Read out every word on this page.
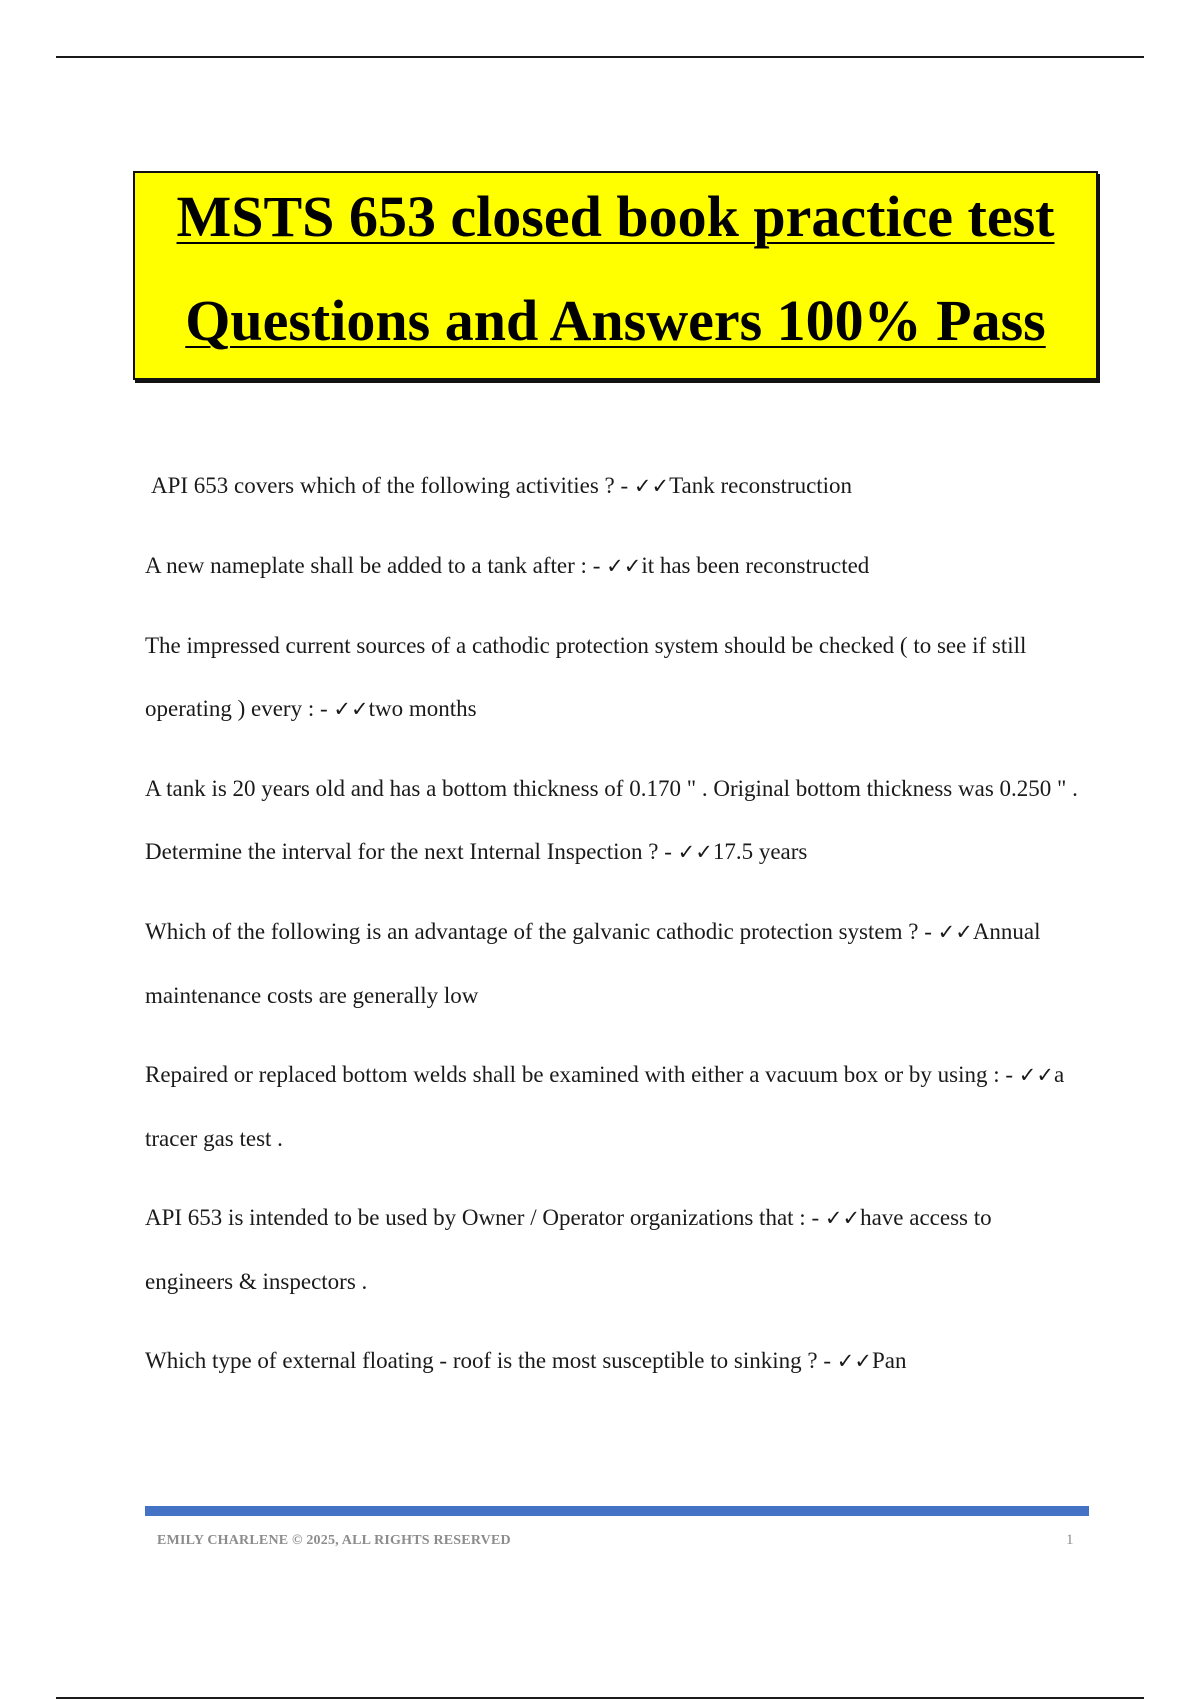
MSTS 653 closed book practice test
Questions and Answers 100% Pass
API 653 covers which of the following activities ? - ✓✓Tank reconstruction
A new nameplate shall be added to a tank after : - ✓✓it has been reconstructed
The impressed current sources of a cathodic protection system should be checked ( to see if still operating ) every : - ✓✓two months
A tank is 20 years old and has a bottom thickness of 0.170 " . Original bottom thickness was 0.250 " . Determine the interval for the next Internal Inspection ? - ✓✓17.5 years
Which of the following is an advantage of the galvanic cathodic protection system ? - ✓✓Annual maintenance costs are generally low
Repaired or replaced bottom welds shall be examined with either a vacuum box or by using : - ✓✓a tracer gas test .
API 653 is intended to be used by Owner / Operator organizations that : - ✓✓have access to engineers & inspectors .
Which type of external floating - roof is the most susceptible to sinking ? - ✓✓Pan
EMILY CHARLENE © 2025, ALL RIGHTS RESERVED	1
